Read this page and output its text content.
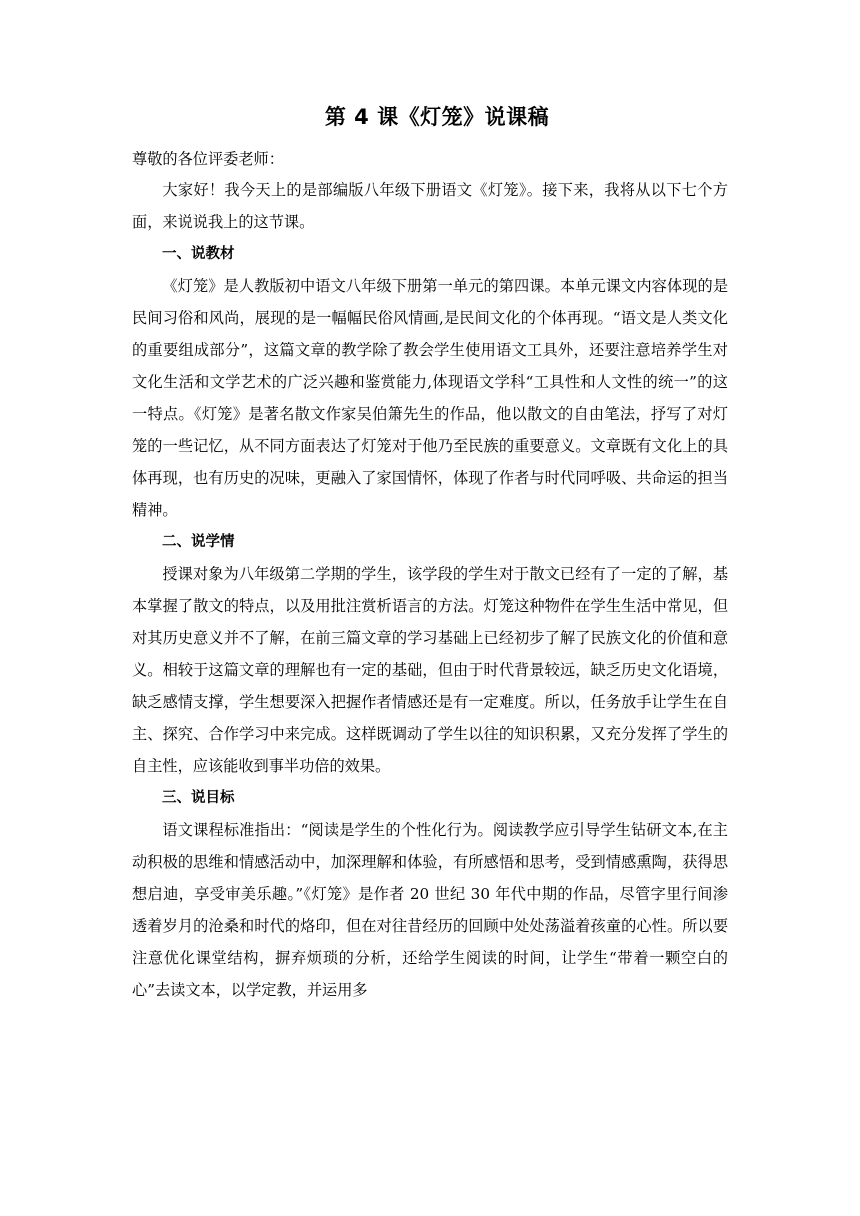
第 4 课《灯笼》说课稿

尊敬的各位评委老师：

大家好！我今天上的是部编版八年级下册语文《灯笼》。接下来，我将从以下七个方面，来说说我上的这节课。

一、说教材

《灯笼》是人教版初中语文八年级下册第一单元的第四课。本单元课文内容体现的是民间习俗和风尚，展现的是一幅幅民俗风情画,是民间文化的个体再现。“语文是人类文化的重要组成部分”，这篇文章的教学除了教会学生使用语文工具外，还要注意培养学生对文化生活和文学艺术的广泛兴趣和鉴赏能力,体现语文学科“工具性和人文性的统一”的这一特点。《灯笼》是著名散文作家吴伯箫先生的作品，他以散文的自由笔法，抒写了对灯笼的一些记忆，从不同方面表达了灯笼对于他乃至民族的重要意义。文章既有文化上的具体再现，也有历史的况味，更融入了家国情怀，体现了作者与时代同呼吸、共命运的担当精神。

二、说学情

授课对象为八年级第二学期的学生，该学段的学生对于散文已经有了一定的了解，基本掌握了散文的特点，以及用批注赏析语言的方法。灯笼这种物件在学生生活中常见，但对其历史意义并不了解，在前三篇文章的学习基础上已经初步了解了民族文化的价值和意义。相较于这篇文章的理解也有一定的基础，但由于时代背景较远，缺乏历史文化语境，缺乏感情支撑，学生想要深入把握作者情感还是有一定难度。所以，任务放手让学生在自主、探究、合作学习中来完成。这样既调动了学生以往的知识积累，又充分发挥了学生的自主性，应该能收到事半功倍的效果。

三、说目标

语文课程标准指出：“阅读是学生的个性化行为。阅读教学应引导学生钻研文本,在主动积极的思维和情感活动中，加深理解和体验，有所感悟和思考，受到情感熏陶，获得思想启迪，享受审美乐趣。”《灯笼》是作者 20 世纪 30 年代中期的作品，尽管字里行间渗透着岁月的沧桑和时代的烙印，但在对往昔经历的回顾中处处荡溢着孩童的心性。所以要注意优化课堂结构，摒弃烦琐的分析，还给学生阅读的时间，让学生“带着一颗空白的心”去读文本，以学定教，并运用多
